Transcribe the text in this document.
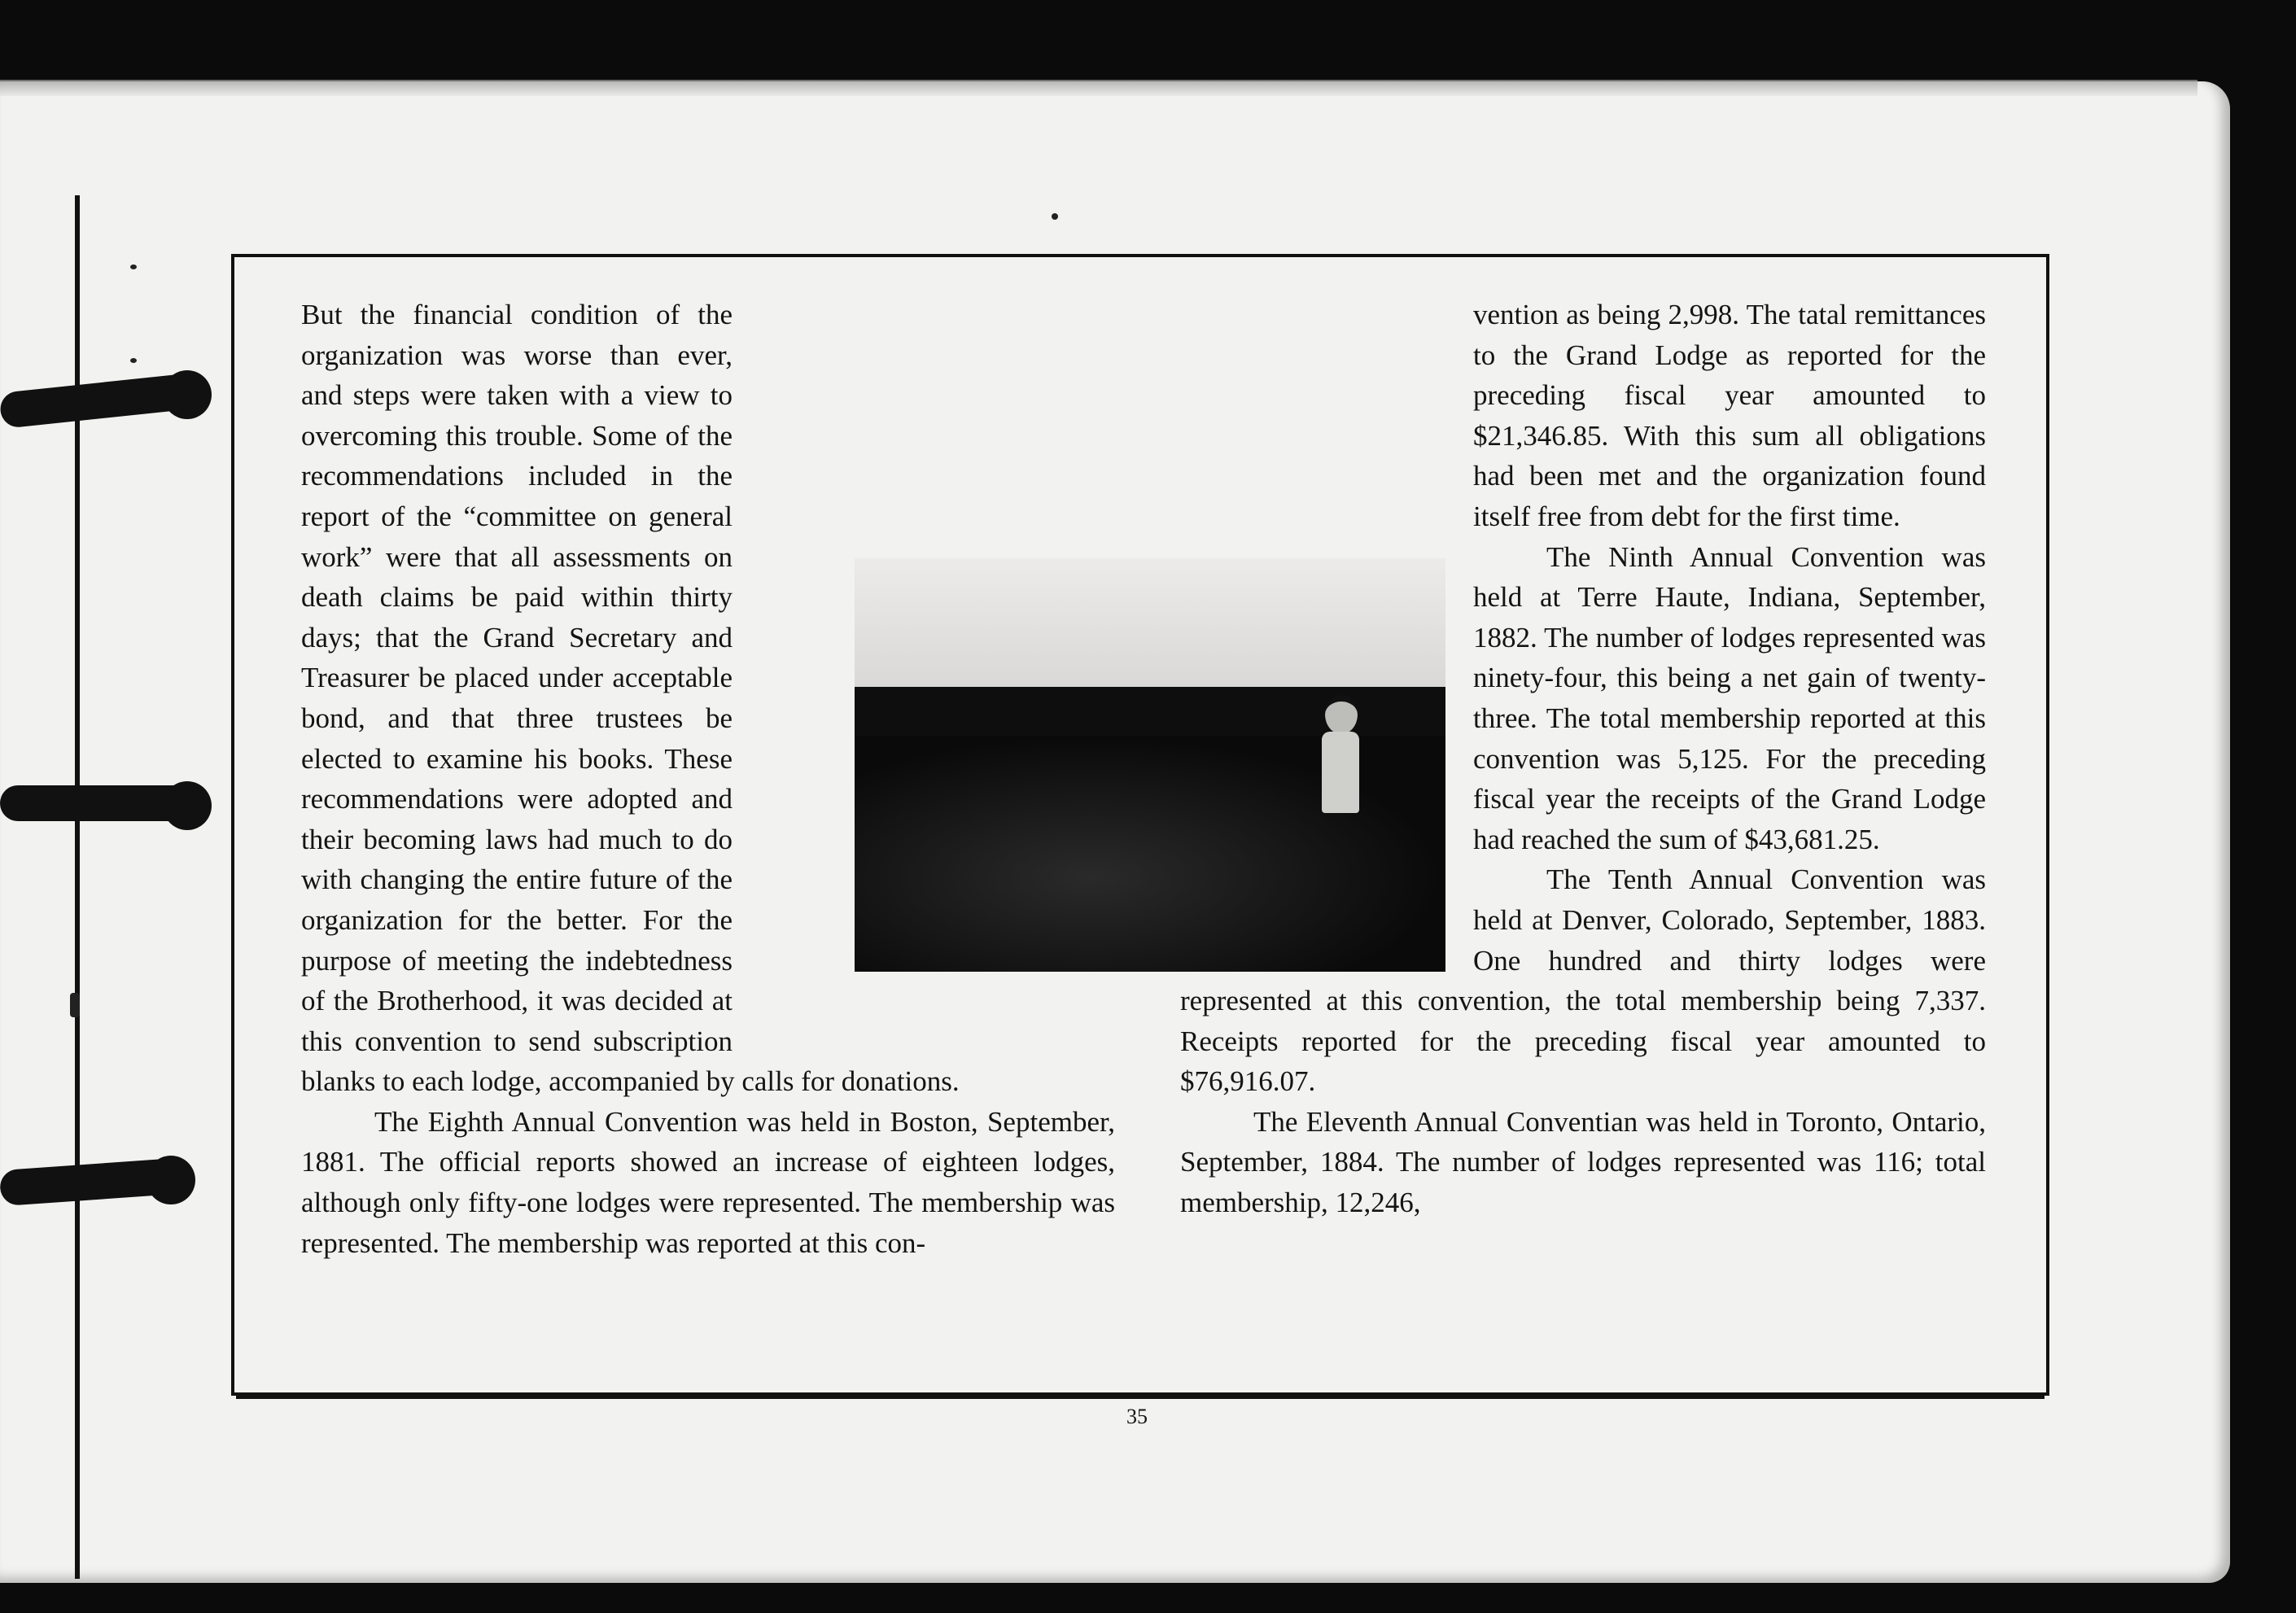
But the financial condition of the organization was worse than ever, and steps were taken with a view to overcoming this trouble. Some of the recommendations included in the report of the “committee on general work” were that all assessments on death claims be paid within thirty days; that the Grand Secretary and Treasurer be placed under acceptable bond, and that three trustees be elected to examine his books. These recommendations were adopted and their becoming laws had much to do with changing the entire future of the organization for the better. For the purpose of meeting the indebtedness of the Brotherhood, it was decided at this convention to send subscription blanks to each lodge, accompanied by calls for donations.

The Eighth Annual Convention was held in Boston, September, 1881. The official reports showed an increase of eighteen lodges, although only fifty-one lodges were represented. The membership was represented. The membership was reported at this con-

vention as being 2,998. The tatal remittances to the Grand Lodge as reported for the preceding fiscal year amounted to $21,346.85. With this sum all obligations had been met and the organization found itself free from debt for the first time.

The Ninth Annual Convention was held at Terre Haute, Indiana, September, 1882. The number of lodges represented was ninety-four, this being a net gain of twenty-three. The total membership reported at this convention was 5,125. For the preceding fiscal year the receipts of the Grand Lodge had reached the sum of $43,681.25.

The Tenth Annual Convention was held at Denver, Colorado, September, 1883. One hundred and thirty lodges were represented at this convention, the total membership being 7,337. Receipts reported for the preceding fiscal year amounted to $76,916.07.

The Eleventh Annual Conventian was held in Toronto, Ontario, September, 1884. The number of lodges represented was 116; total membership, 12,246,

35
